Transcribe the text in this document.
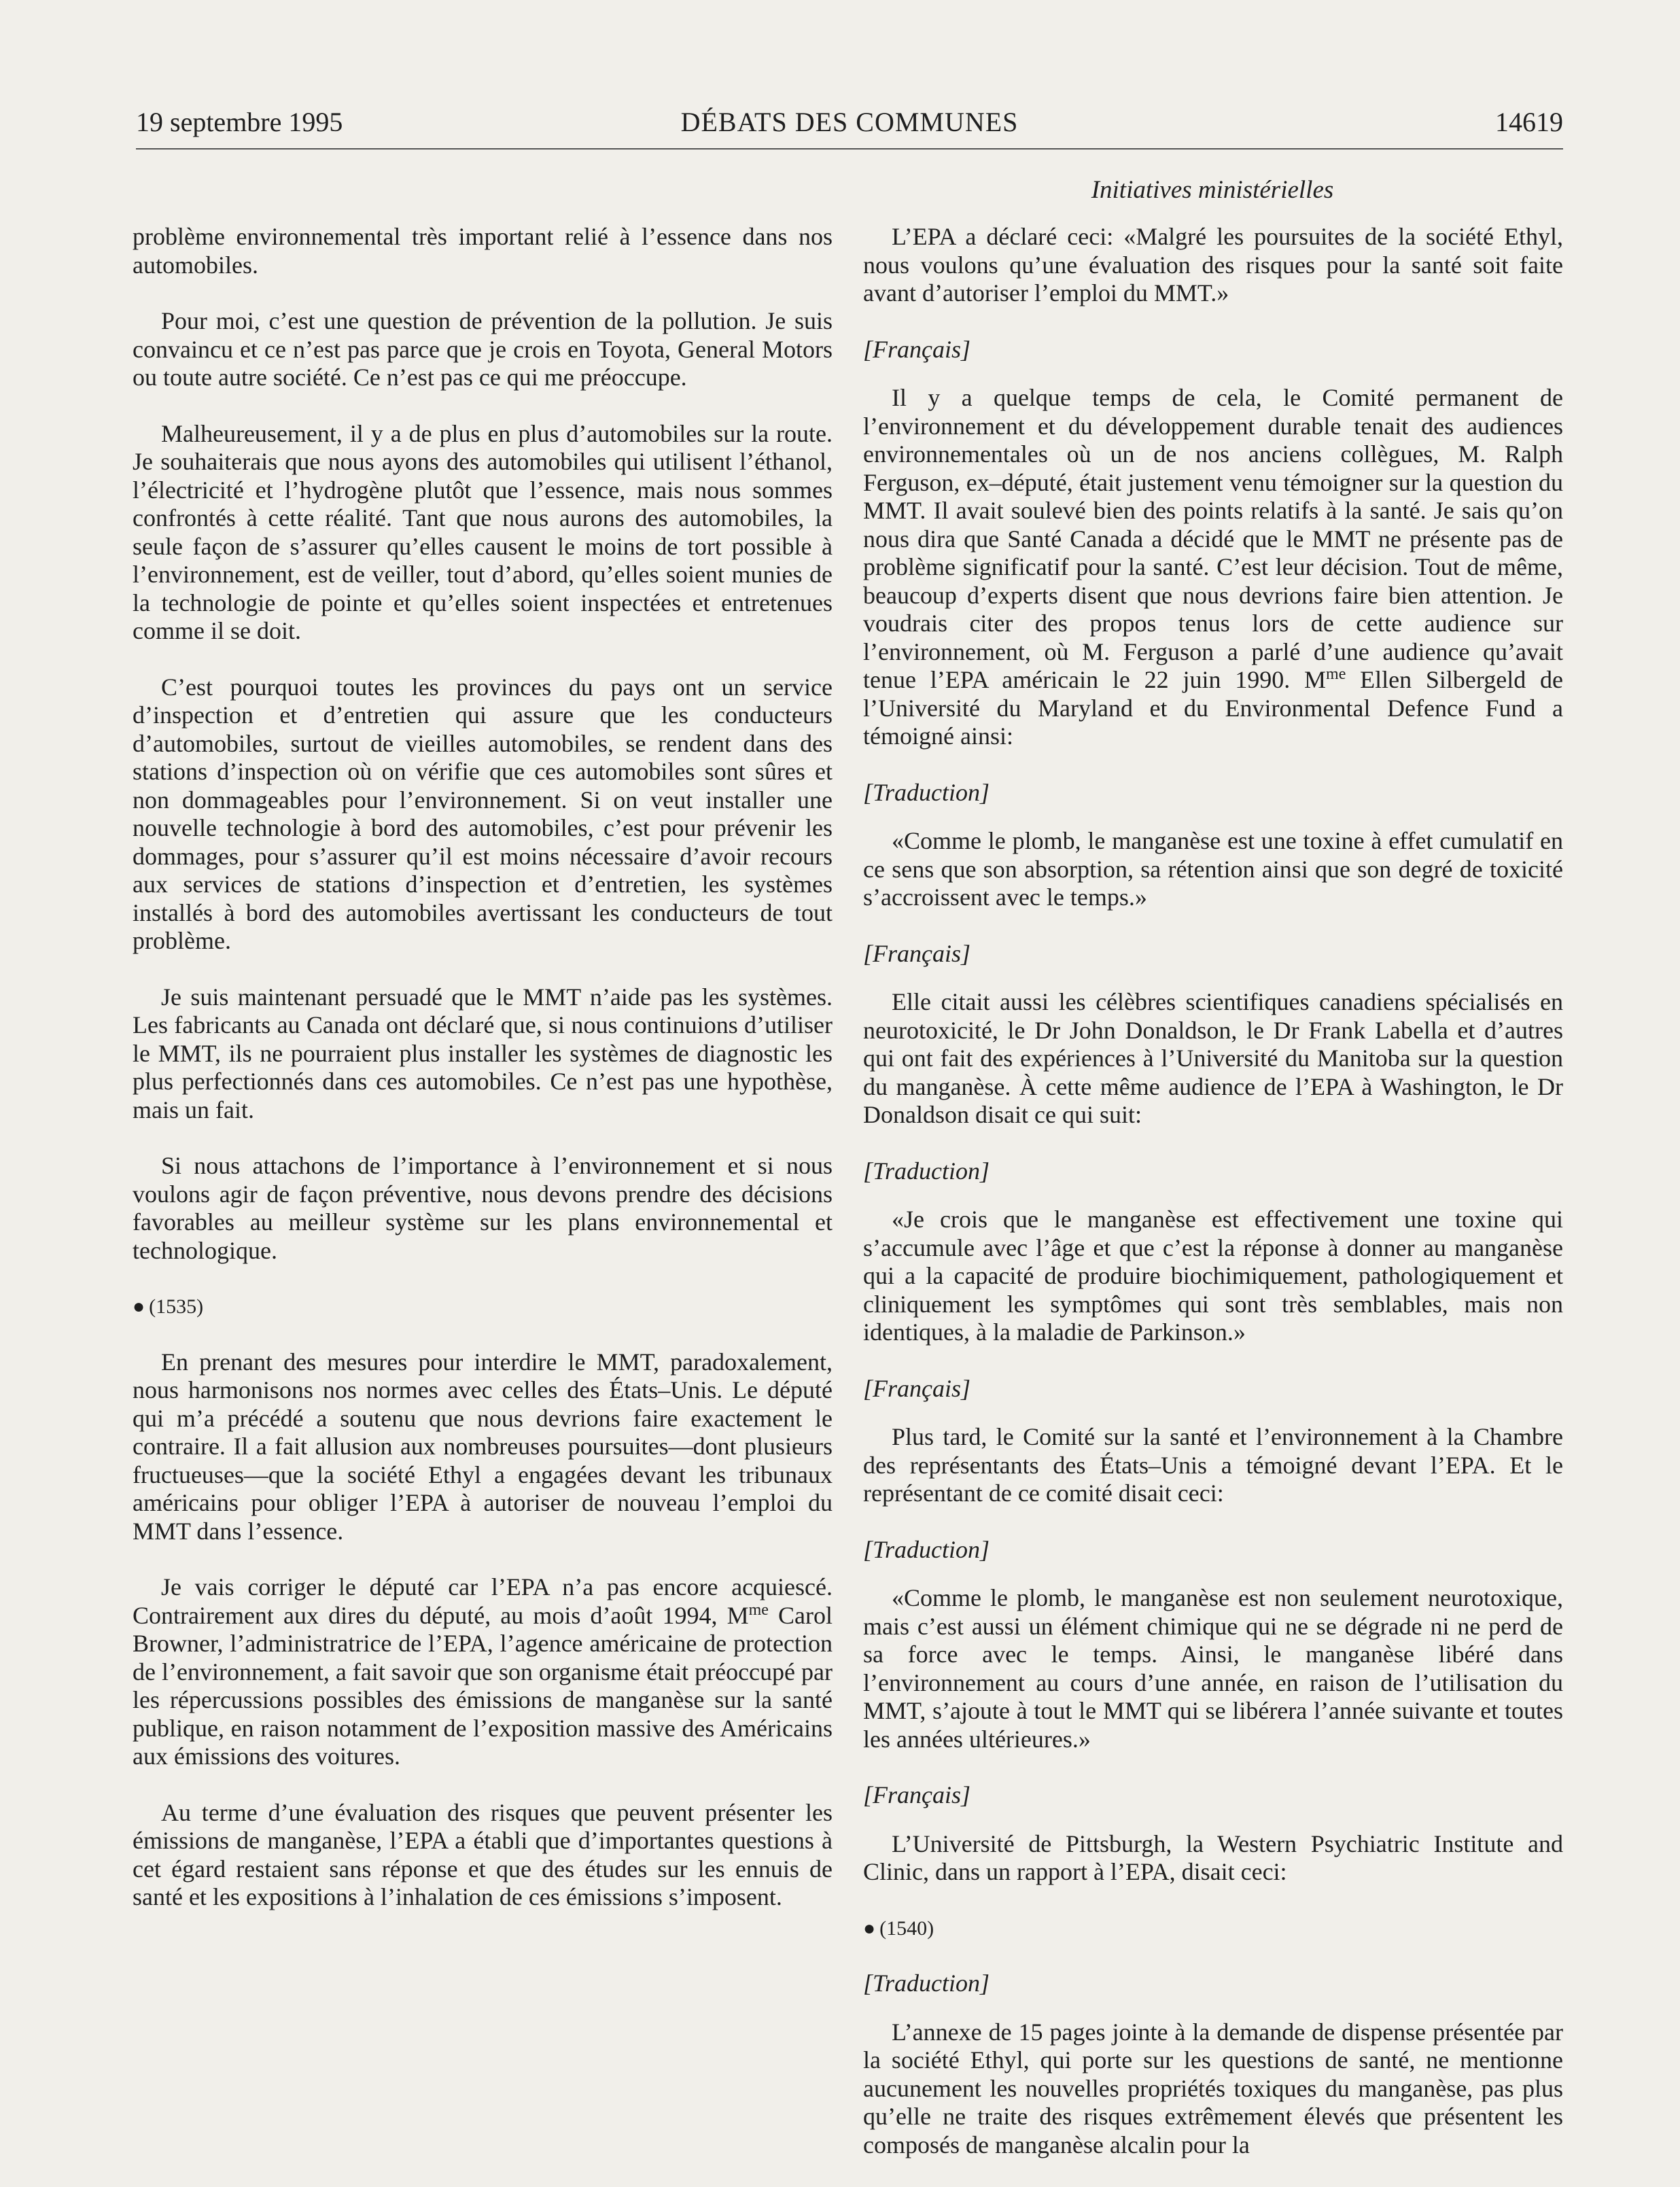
19 septembre 1995	DÉBATS DES COMMUNES	14619
Initiatives ministérielles

problème environnemental très important relié à l’essence dans nos automobiles.

Pour moi, c’est une question de prévention de la pollution. Je suis convaincu et ce n’est pas parce que je crois en Toyota, General Motors ou toute autre société. Ce n’est pas ce qui me préoccupe.

Malheureusement, il y a de plus en plus d’automobiles sur la route. Je souhaiterais que nous ayons des automobiles qui utilisent l’éthanol, l’électricité et l’hydrogène plutôt que l’essence, mais nous sommes confrontés à cette réalité. Tant que nous aurons des automobiles, la seule façon de s’assurer qu’elles causent le moins de tort possible à l’environnement, est de veiller, tout d’abord, qu’elles soient munies de la technologie de pointe et qu’elles soient inspectées et entretenues comme il se doit.

C’est pourquoi toutes les provinces du pays ont un service d’inspection et d’entretien qui assure que les conducteurs d’automobiles, surtout de vieilles automobiles, se rendent dans des stations d’inspection où on vérifie que ces automobiles sont sûres et non dommageables pour l’environnement. Si on veut installer une nouvelle technologie à bord des automobiles, c’est pour prévenir les dommages, pour s’assurer qu’il est moins nécessaire d’avoir recours aux services de stations d’inspection et d’entretien, les systèmes installés à bord des automobiles avertissant les conducteurs de tout problème.

Je suis maintenant persuadé que le MMT n’aide pas les systèmes. Les fabricants au Canada ont déclaré que, si nous continuions d’utiliser le MMT, ils ne pourraient plus installer les systèmes de diagnostic les plus perfectionnés dans ces automobiles. Ce n’est pas une hypothèse, mais un fait.

Si nous attachons de l’importance à l’environnement et si nous voulons agir de façon préventive, nous devons prendre des décisions favorables au meilleur système sur les plans environnemental et technologique.

● (1535)

En prenant des mesures pour interdire le MMT, paradoxalement, nous harmonisons nos normes avec celles des États–Unis. Le député qui m’a précédé a soutenu que nous devrions faire exactement le contraire. Il a fait allusion aux nombreuses poursuites—dont plusieurs fructueuses—que la société Ethyl a engagées devant les tribunaux américains pour obliger l’EPA à autoriser de nouveau l’emploi du MMT dans l’essence.

Je vais corriger le député car l’EPA n’a pas encore acquiescé. Contrairement aux dires du député, au mois d’août 1994, $M^{me}$ Carol Browner, l’administratrice de l’EPA, l’agence américaine de protection de l’environnement, a fait savoir que son organisme était préoccupé par les répercussions possibles des émissions de manganèse sur la santé publique, en raison notamment de l’exposition massive des Américains aux émissions des voitures.

Au terme d’une évaluation des risques que peuvent présenter les émissions de manganèse, l’EPA a établi que d’importantes questions à cet égard restaient sans réponse et que des études sur les ennuis de santé et les expositions à l’inhalation de ces émissions s’imposent.

L’EPA a déclaré ceci: «Malgré les poursuites de la société Ethyl, nous voulons qu’une évaluation des risques pour la santé soit faite avant d’autoriser l’emploi du MMT.»

[Français]

Il y a quelque temps de cela, le Comité permanent de l’environnement et du développement durable tenait des audiences environnementales où un de nos anciens collègues, M. Ralph Ferguson, ex–député, était justement venu témoigner sur la question du MMT. Il avait soulevé bien des points relatifs à la santé. Je sais qu’on nous dira que Santé Canada a décidé que le MMT ne présente pas de problème significatif pour la santé. C’est leur décision. Tout de même, beaucoup d’experts disent que nous devrions faire bien attention. Je voudrais citer des propos tenus lors de cette audience sur l’environnement, où M. Ferguson a parlé d’une audience qu’avait tenue l’EPA américain le 22 juin 1990. $M^{me}$ Ellen Silbergeld de l’Université du Maryland et du Environmental Defence Fund a témoigné ainsi:

[Traduction]

«Comme le plomb, le manganèse est une toxine à effet cumulatif en ce sens que son absorption, sa rétention ainsi que son degré de toxicité s’accroissent avec le temps.»

[Français]

Elle citait aussi les célèbres scientifiques canadiens spécialisés en neurotoxicité, le Dr John Donaldson, le Dr Frank Labella et d’autres qui ont fait des expériences à l’Université du Manitoba sur la question du manganèse. À cette même audience de l’EPA à Washington, le Dr Donaldson disait ce qui suit:

[Traduction]

«Je crois que le manganèse est effectivement une toxine qui s’accumule avec l’âge et que c’est la réponse à donner au manganèse qui a la capacité de produire biochimiquement, pathologiquement et cliniquement les symptômes qui sont très semblables, mais non identiques, à la maladie de Parkinson.»

[Français]

Plus tard, le Comité sur la santé et l’environnement à la Chambre des représentants des États–Unis a témoigné devant l’EPA. Et le représentant de ce comité disait ceci:

[Traduction]

«Comme le plomb, le manganèse est non seulement neurotoxique, mais c’est aussi un élément chimique qui ne se dégrade ni ne perd de sa force avec le temps. Ainsi, le manganèse libéré dans l’environnement au cours d’une année, en raison de l’utilisation du MMT, s’ajoute à tout le MMT qui se libérera l’année suivante et toutes les années ultérieures.»

[Français]

L’Université de Pittsburgh, la Western Psychiatric Institute and Clinic, dans un rapport à l’EPA, disait ceci:

● (1540)
[Traduction]

L’annexe de 15 pages jointe à la demande de dispense présentée par la société Ethyl, qui porte sur les questions de santé, ne mentionne aucunement les nouvelles propriétés toxiques du manganèse, pas plus qu’elle ne traite des risques extrêmement élevés que présentent les composés de manganèse alcalin pour la
